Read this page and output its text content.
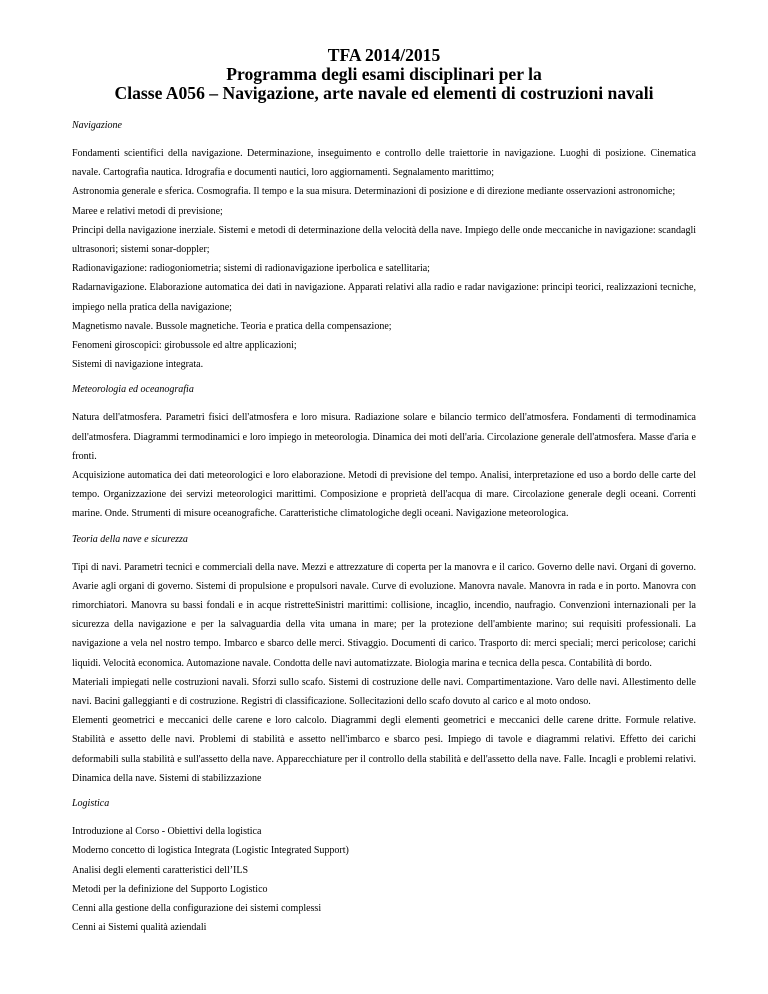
TFA 2014/2015
Programma degli esami disciplinari per la
Classe A056 – Navigazione, arte navale ed elementi di costruzioni navali

Navigazione

Fondamenti scientifici della navigazione. Determinazione, inseguimento e controllo delle traiettorie in navigazione. Luoghi di posizione. Cinematica navale. Cartografia nautica. Idrografia e documenti nautici, loro aggiornamenti. Segnalamento marittimo;

Astronomia generale e sferica. Cosmografia. Il tempo e la sua misura. Determinazioni di posizione e di direzione mediante osservazioni astronomiche;

Maree e relativi metodi di previsione;

Principi della navigazione inerziale. Sistemi e metodi di determinazione della velocità della nave. Impiego delle onde meccaniche in navigazione: scandagli ultrasonori; sistemi sonar-doppler;

Radionavigazione: radiogoniometria; sistemi di radionavigazione iperbolica e satellitaria;

Radarnavigazione. Elaborazione automatica dei dati in navigazione. Apparati relativi alla radio e radar navigazione: principi teorici, realizzazioni tecniche, impiego nella pratica della navigazione;

Magnetismo navale. Bussole magnetiche. Teoria e pratica della compensazione;

Fenomeni giroscopici: girobussole ed altre applicazioni;

Sistemi di navigazione integrata.

Meteorologia ed oceanografia

Natura dell'atmosfera. Parametri fisici dell'atmosfera e loro misura. Radiazione solare e bilancio termico dell'atmosfera. Fondamenti di termodinamica dell'atmosfera. Diagrammi termodinamici e loro impiego in meteorologia. Dinamica dei moti dell'aria. Circolazione generale dell'atmosfera. Masse d'aria e fronti.

Acquisizione automatica dei dati meteorologici e loro elaborazione. Metodi di previsione del tempo. Analisi, interpretazione ed uso a bordo delle carte del tempo. Organizzazione dei servizi meteorologici marittimi. Composizione e proprietà dell'acqua di mare. Circolazione generale degli oceani. Correnti marine. Onde. Strumenti di misure oceanografiche. Caratteristiche climatologiche degli oceani. Navigazione meteorologica.

Teoria della nave e sicurezza

Tipi di navi. Parametri tecnici e commerciali della nave. Mezzi e attrezzature di coperta per la manovra e il carico. Governo delle navi. Organi di governo. Avarie agli organi di governo. Sistemi di propulsione e propulsori navale. Curve di evoluzione. Manovra navale. Manovra in rada e in porto. Manovra con rimorchiatori. Manovra su bassi fondali e in acque ristretteSinistri marittimi: collisione, incaglio, incendio, naufragio. Convenzioni internazionali per la sicurezza della navigazione e per la salvaguardia della vita umana in mare; per la protezione dell'ambiente marino; sui requisiti professionali. La navigazione a vela nel nostro tempo. Imbarco e sbarco delle merci. Stivaggio. Documenti di carico. Trasporto di: merci speciali; merci pericolose; carichi liquidi. Velocità economica. Automazione navale. Condotta delle navi automatizzate. Biologia marina e tecnica della pesca. Contabilità di bordo.

Materiali impiegati nelle costruzioni navali. Sforzi sullo scafo. Sistemi di costruzione delle navi. Compartimentazione. Varo delle navi. Allestimento delle navi. Bacini galleggianti e di costruzione. Registri di classificazione. Sollecitazioni dello scafo dovuto al carico e al moto ondoso.

Elementi geometrici e meccanici delle carene e loro calcolo. Diagrammi degli elementi geometrici e meccanici delle carene dritte. Formule relative. Stabilità e assetto delle navi. Problemi di stabilità e assetto nell'imbarco e sbarco pesi. Impiego di tavole e diagrammi relativi. Effetto dei carichi deformabili sulla stabilità e sull'assetto della nave. Apparecchiature per il controllo della stabilità e dell'assetto della nave. Falle. Incagli e problemi relativi. Dinamica della nave. Sistemi di stabilizzazione

Logistica

Introduzione al Corso - Obiettivi della logistica

Moderno concetto di logistica Integrata (Logistic Integrated Support)

Analisi degli elementi caratteristici dell’ILS

Metodi per la definizione del Supporto Logistico

Cenni alla gestione della configurazione dei sistemi complessi

Cenni ai Sistemi qualità aziendali
